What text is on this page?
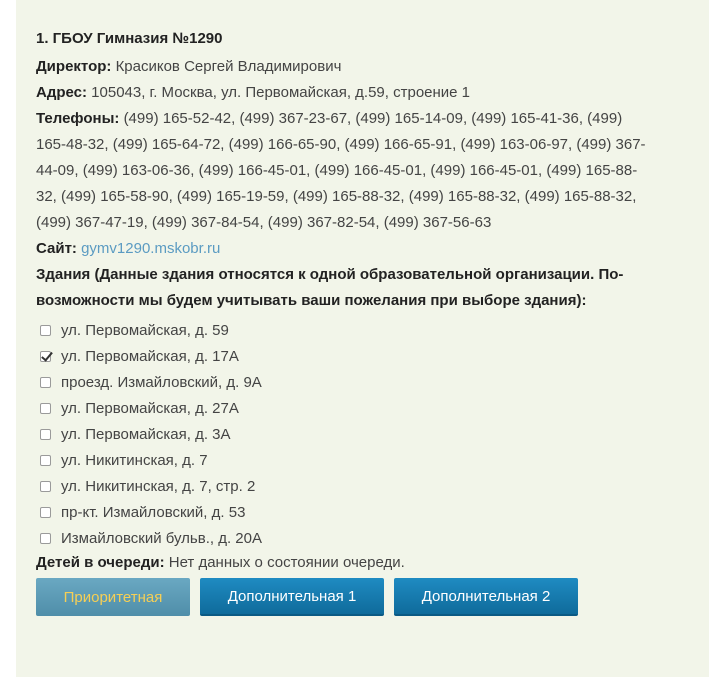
1. ГБОУ Гимназия №1290
Директор: Красиков Сергей Владимирович
Адрес: 105043, г. Москва, ул. Первомайская, д.59, строение 1
Телефоны: (499) 165-52-42, (499) 367-23-67, (499) 165-14-09, (499) 165-41-36, (499) 165-48-32, (499) 165-64-72, (499) 166-65-90, (499) 166-65-91, (499) 163-06-97, (499) 367-44-09, (499) 163-06-36, (499) 166-45-01, (499) 166-45-01, (499) 166-45-01, (499) 165-88-32, (499) 165-58-90, (499) 165-19-59, (499) 165-88-32, (499) 165-88-32, (499) 165-88-32, (499) 367-47-19, (499) 367-84-54, (499) 367-82-54, (499) 367-56-63
Сайт: gymv1290.mskobr.ru
Здания (Данные здания относятся к одной образовательной организации. По-возможности мы будем учитывать ваши пожелания при выборе здания):
ул. Первомайская, д. 59
ул. Первомайская, д. 17А
проезд. Измайловский, д. 9А
ул. Первомайская, д. 27А
ул. Первомайская, д. 3А
ул. Никитинская, д. 7
ул. Никитинская, д. 7, стр. 2
пр-кт. Измайловский, д. 53
Измайловский бульв., д. 20А
Детей в очереди: Нет данных о состоянии очереди.
Приоритетная	Дополнительная 1	Дополнительная 2
